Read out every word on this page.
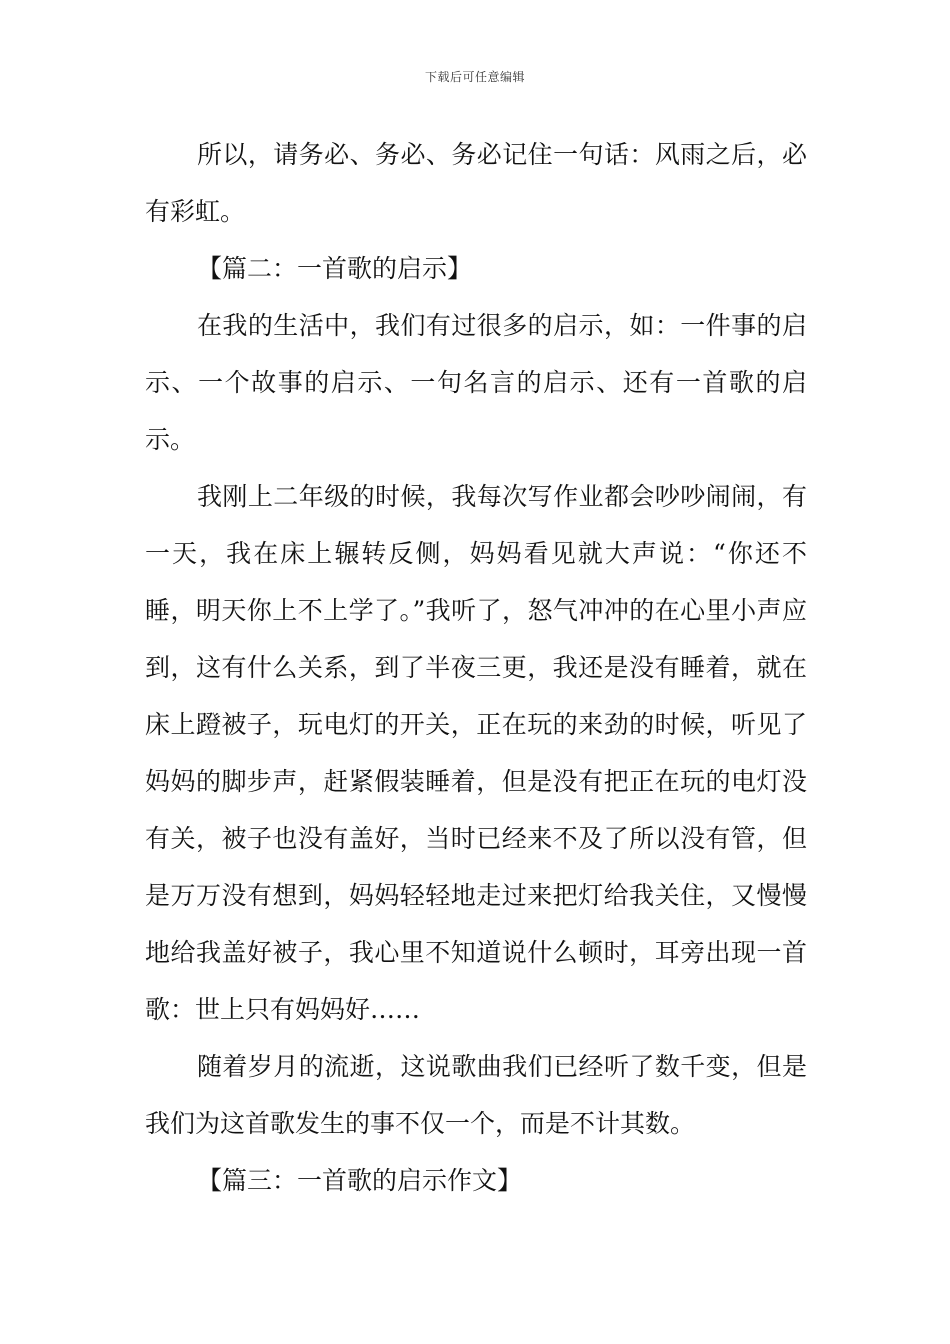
下载后可任意编辑

所以，请务必、务必、务必记住一句话：风雨之后，必有彩虹。

【篇二：一首歌的启示】

在我的生活中，我们有过很多的启示，如：一件事的启示、一个故事的启示、一句名言的启示、还有一首歌的启示。

我刚上二年级的时候，我每次写作业都会吵吵闹闹，有一天，我在床上辗转反侧，妈妈看见就大声说：“你还不睡，明天你上不上学了。”我听了，怒气冲冲的在心里小声应到，这有什么关系，到了半夜三更，我还是没有睡着，就在床上蹬被子，玩电灯的开关，正在玩的来劲的时候，听见了妈妈的脚步声，赶紧假装睡着，但是没有把正在玩的电灯没有关，被子也没有盖好，当时已经来不及了所以没有管，但是万万没有想到，妈妈轻轻地走过来把灯给我关住，又慢慢地给我盖好被子，我心里不知道说什么顿时，耳旁出现一首歌：世上只有妈妈好……

随着岁月的流逝，这说歌曲我们已经听了数千变，但是我们为这首歌发生的事不仅一个，而是不计其数。

【篇三：一首歌的启示作文】
